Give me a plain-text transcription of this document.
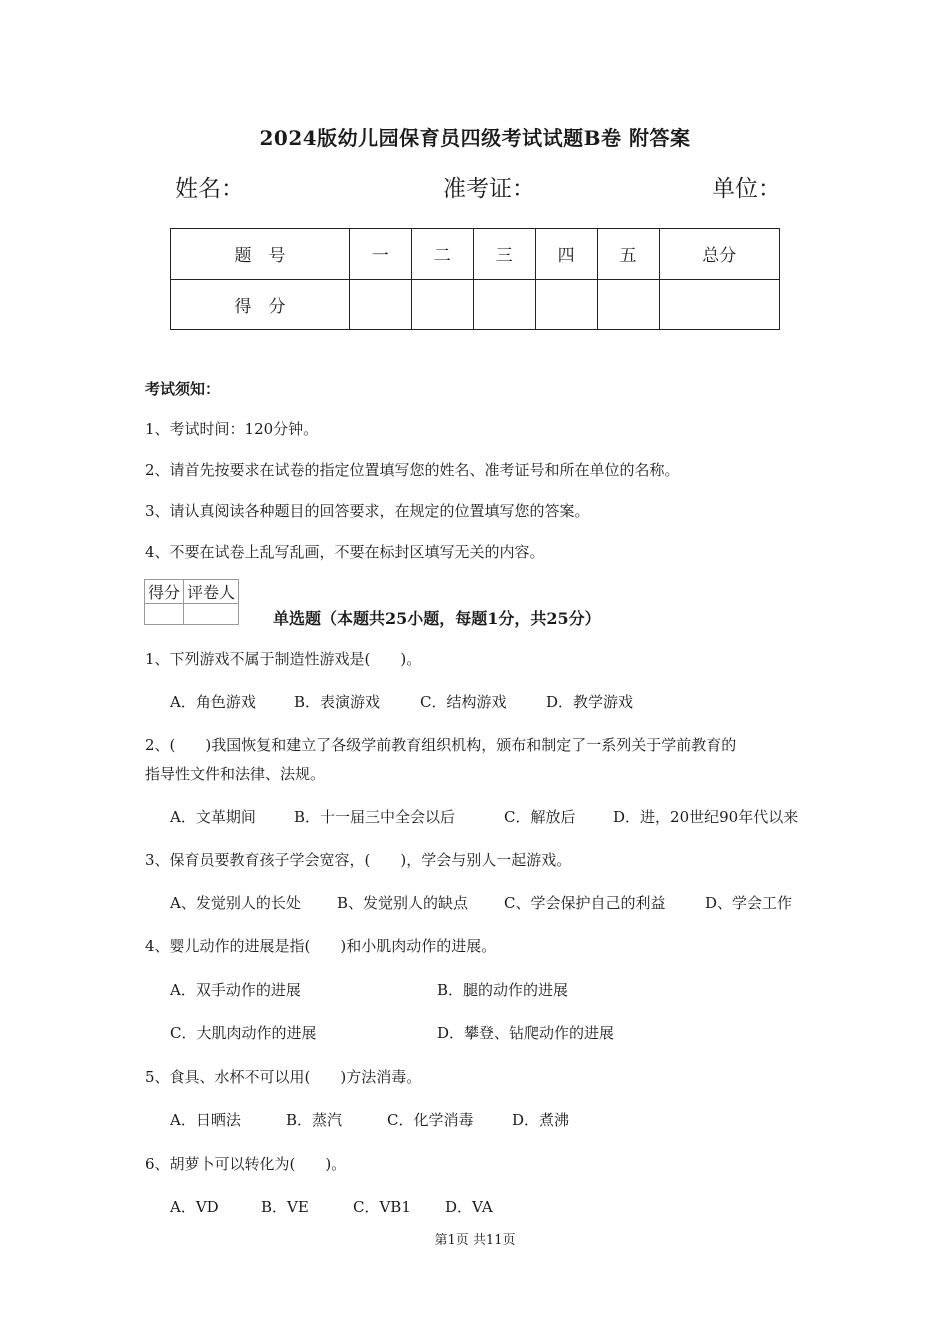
2024版幼儿园保育员四级考试试题B卷 附答案
姓名：	准考证：	单位：
题　号	一	二	三	四	五	总分
得　分						
考试须知：
1、考试时间：120分钟。
2、请首先按要求在试卷的指定位置填写您的姓名、准考证号和所在单位的名称。
3、请认真阅读各种题目的回答要求，在规定的位置填写您的答案。
4、不要在试卷上乱写乱画，不要在标封区填写无关的内容。
得分	评卷人

单选题（本题共25小题，每题1分，共25分）
1、下列游戏不属于制造性游戏是(　　)。
A．角色游戏	B．表演游戏	C．结构游戏	D．教学游戏
2、(　　)我国恢复和建立了各级学前教育组织机构，颁布和制定了一系列关于学前教育的
指导性文件和法律、法规。
A．文革期间	B．十一届三中全会以后	C．解放后	D．进，20世纪90年代以来
3、保育员要教育孩子学会宽容，(　　)，学会与别人一起游戏。
A、发觉别人的长处 B、发觉别人的缺点 C、学会保护自己的利益	D、学会工作
4、婴儿动作的进展是指(　　)和小肌肉动作的进展。
A．双手动作的进展	B．腿的动作的进展
C．大肌肉动作的进展	D．攀登、钻爬动作的进展
5、食具、水杯不可以用(　　)方法消毒。
A．日晒法	B．蒸汽	C．化学消毒	D．煮沸
6、胡萝卜可以转化为(　　)。
A．VD	B．VE	C．VB1 D．VA
第1页 共11页
